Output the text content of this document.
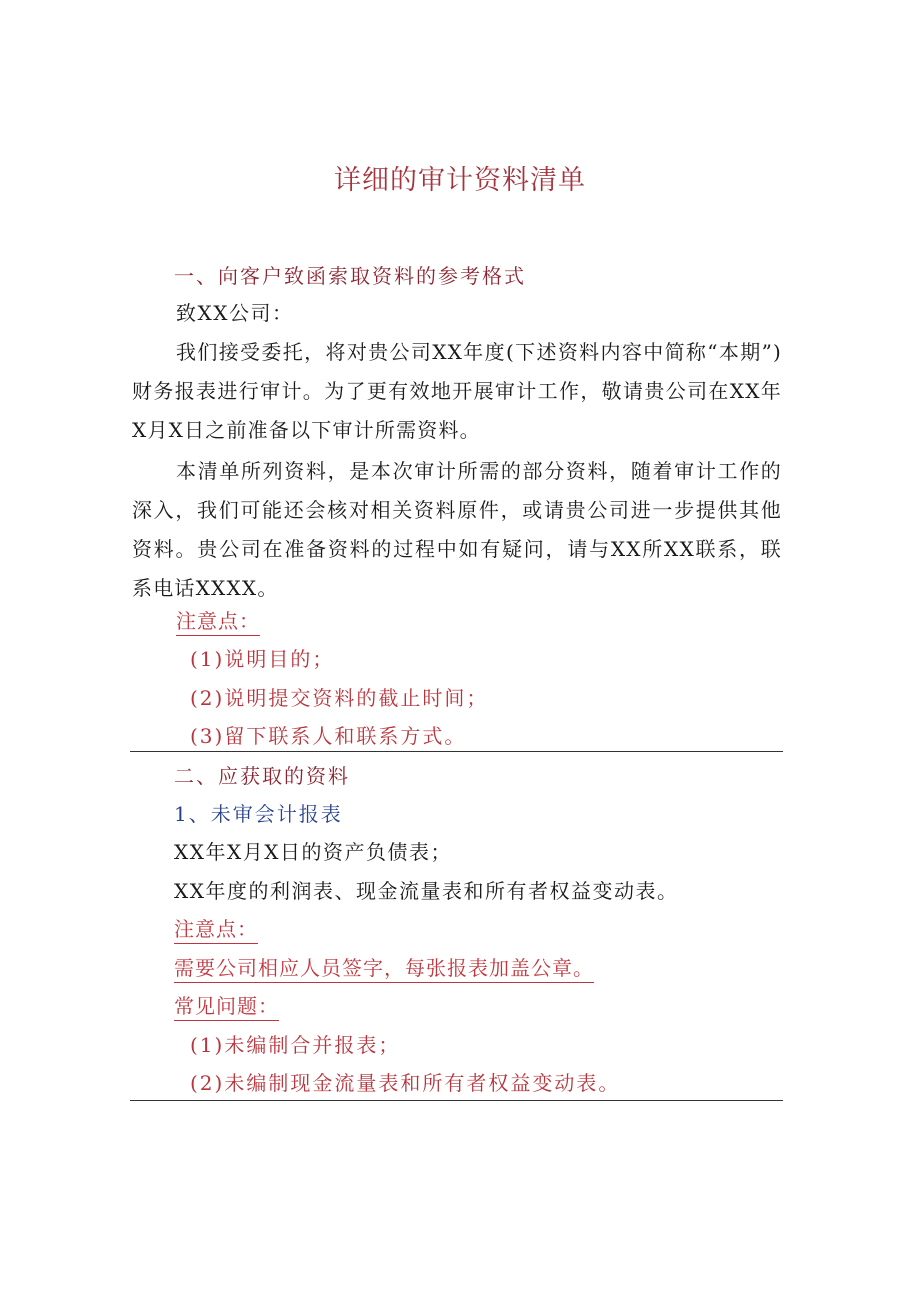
详细的审计资料清单
一、向客户致函索取资料的参考格式
致XX公司：
我们接受委托，将对贵公司XX年度(下述资料内容中简称“本期”)财务报表进行审计。为了更有效地开展审计工作，敬请贵公司在XX年X月X日之前准备以下审计所需资料。
本清单所列资料，是本次审计所需的部分资料，随着审计工作的深入，我们可能还会核对相关资料原件，或请贵公司进一步提供其他资料。贵公司在准备资料的过程中如有疑问，请与XX所XX联系，联系电话XXXX。
注意点：
(1)说明目的；
(2)说明提交资料的截止时间；
(3)留下联系人和联系方式。
二、应获取的资料
1、未审会计报表
XX年X月X日的资产负债表；
XX年度的利润表、现金流量表和所有者权益变动表。
注意点：
需要公司相应人员签字，每张报表加盖公章。
常见问题：
(1)未编制合并报表；
(2)未编制现金流量表和所有者权益变动表。
